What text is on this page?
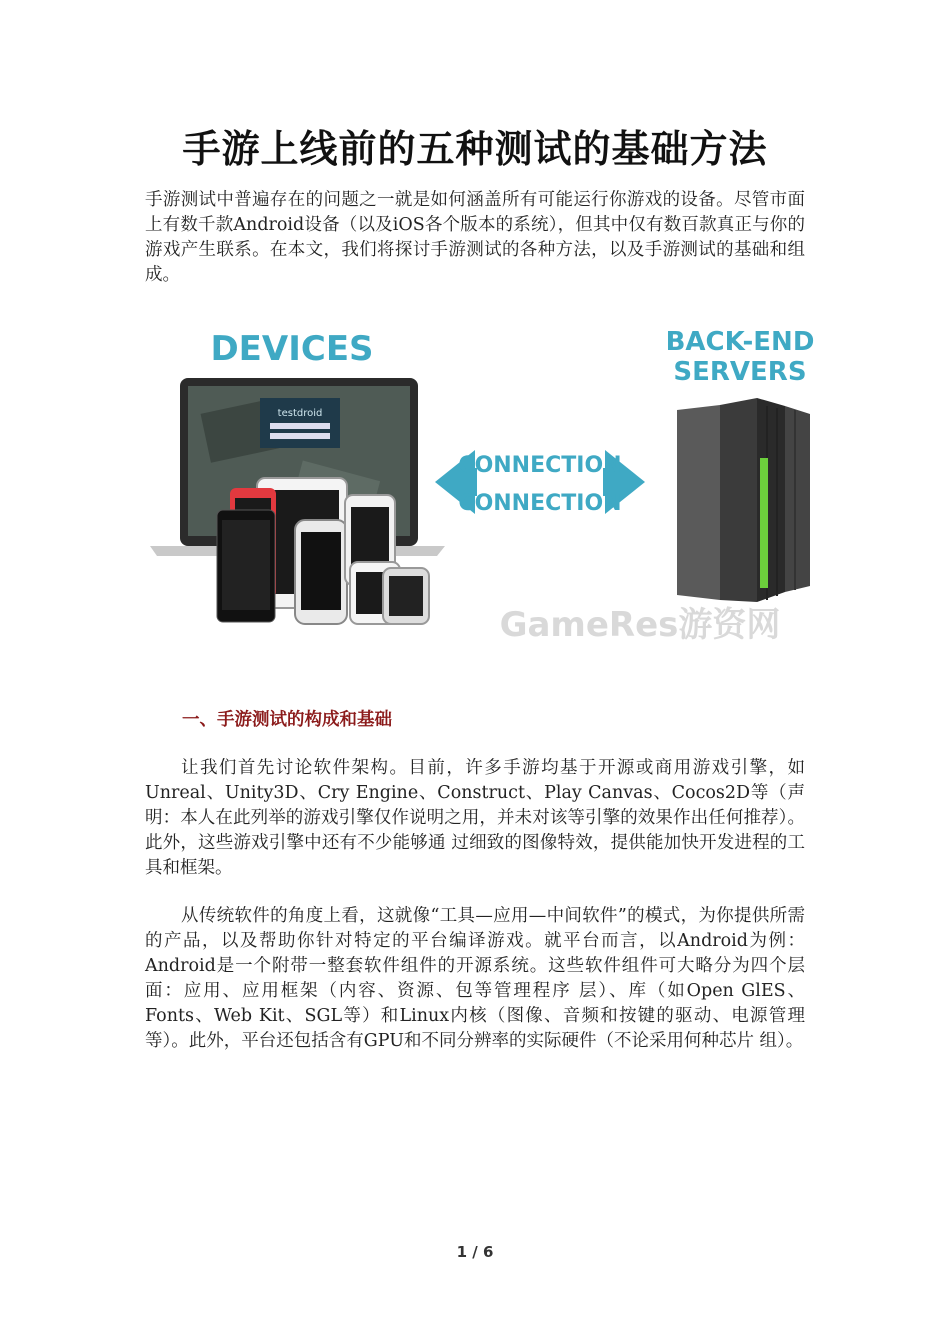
手游上线前的五种测试的基础方法
手游测试中普遍存在的问题之一就是如何涵盖所有可能运行你游戏的设备。尽管市面上有数千款Android设备（以及iOS各个版本的系统），但其中仅有数百款真正与你的游戏产生联系。在本文，我们将探讨手游测试的各种方法，以及手游测试的基础和组成。
DEVICES
testdroid
CONNECTION
CONNECTION
BACK-END
SERVERS
GameRes游资网
一、手游测试的构成和基础
让我们首先讨论软件架构。目前，许多手游均基于开源或商用游戏引擎，如Unreal、Unity3D、Cry Engine、Construct、Play Canvas、Cocos2D等（声明：本人在此列举的游戏引擎仅作说明之用，并未对该等引擎的效果作出任何推荐）。此外，这些游戏引擎中还有不少能够通 过细致的图像特效，提供能加快开发进程的工具和框架。
从传统软件的角度上看，这就像“工具—应用—中间软件”的模式，为你提供所需的产品，以及帮助你针对特定的平台编译游戏。就平台而言，以Android为例：Android是一个附带一整套软件组件的开源系统。这些软件组件可大略分为四个层面：应用、应用框架（内容、资源、包等管理程序 层）、库（如Open GlES、Fonts、Web Kit、SGL等）和Linux内核（图像、音频和按键的驱动、电源管理等）。此外，平台还包括含有GPU和不同分辨率的实际硬件（不论采用何种芯片 组）。
1 / 6
